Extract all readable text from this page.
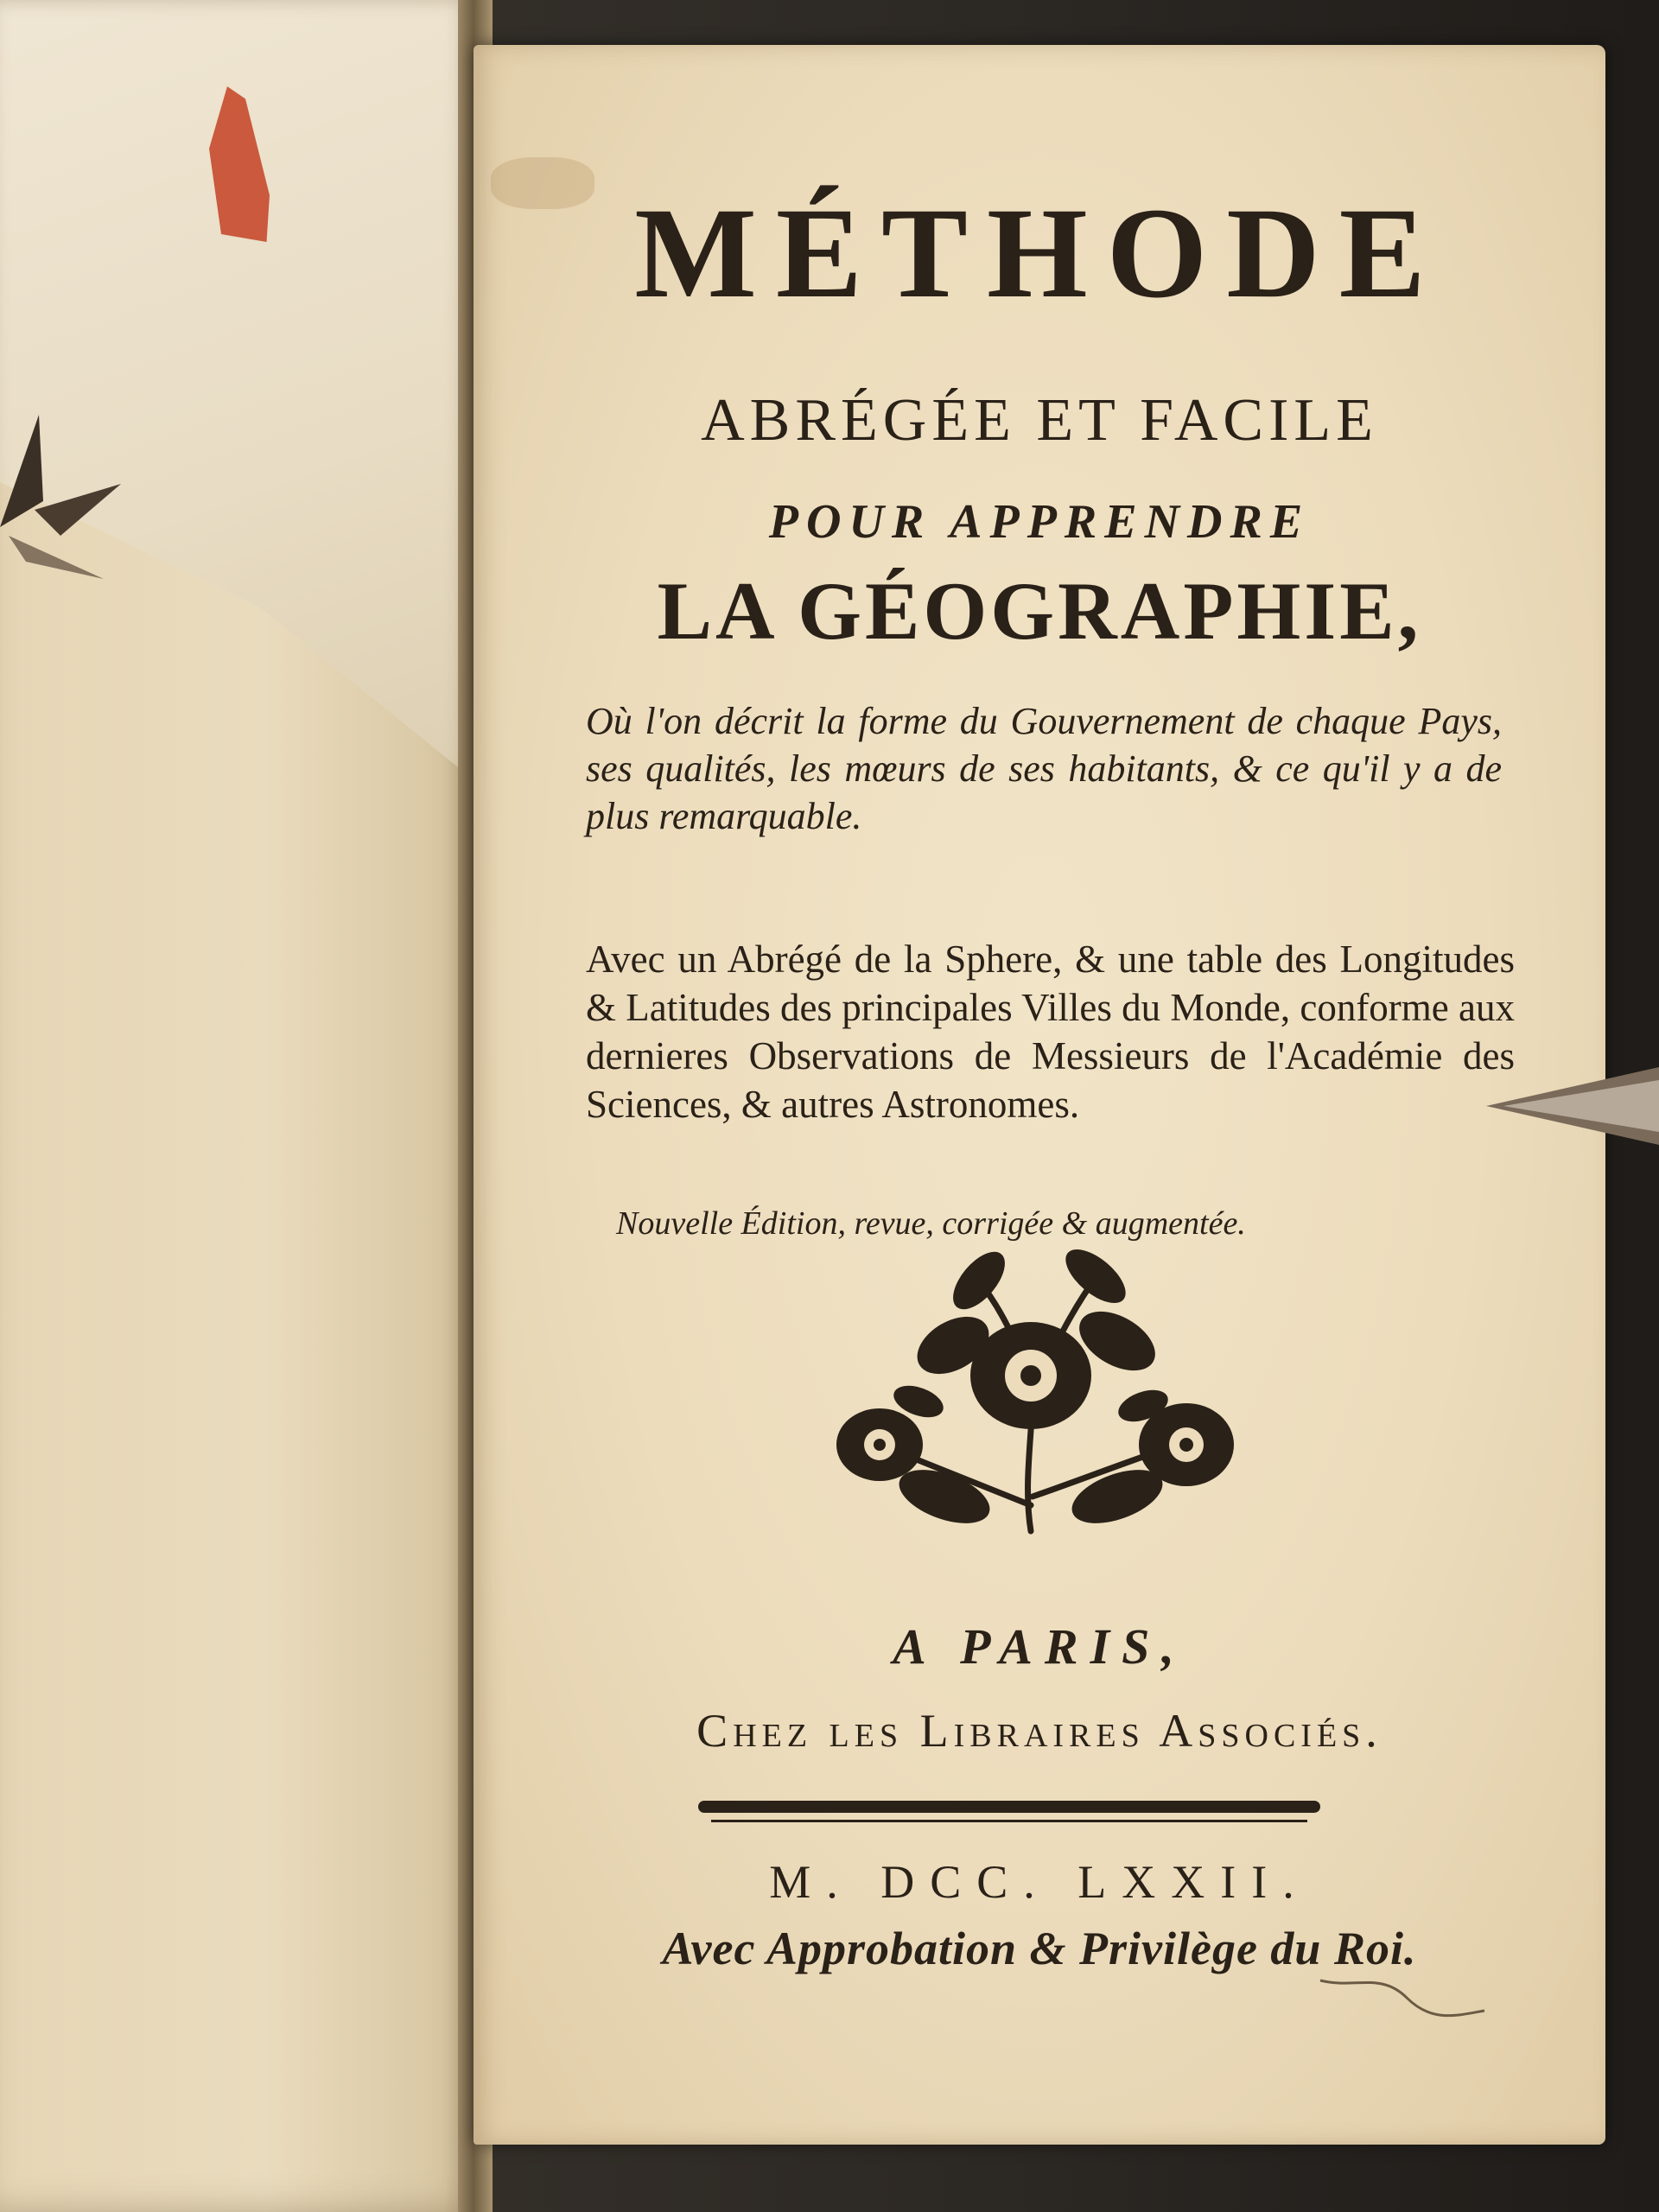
MÉTHODE

ABRÉGÉE ET FACILE

POUR APPRENDRE

LA GÉOGRAPHIE,

Où l'on décrit la forme du Gouvernement de chaque Pays, ses qualités, les mœurs de ses habitants, & ce qu'il y a de plus remarquable.

Avec un Abrégé de la Sphere, & une table des Longitudes & Latitudes des principales Villes du Monde, conforme aux dernieres Observations de Messieurs de l'Académie des Sciences, & autres Astronomes.

Nouvelle Édition, revue, corrigée & augmentée.

A PARIS,

Chez les Libraires Associés.

M. DCC. LXXII.

Avec Approbation & Privilège du Roi.
